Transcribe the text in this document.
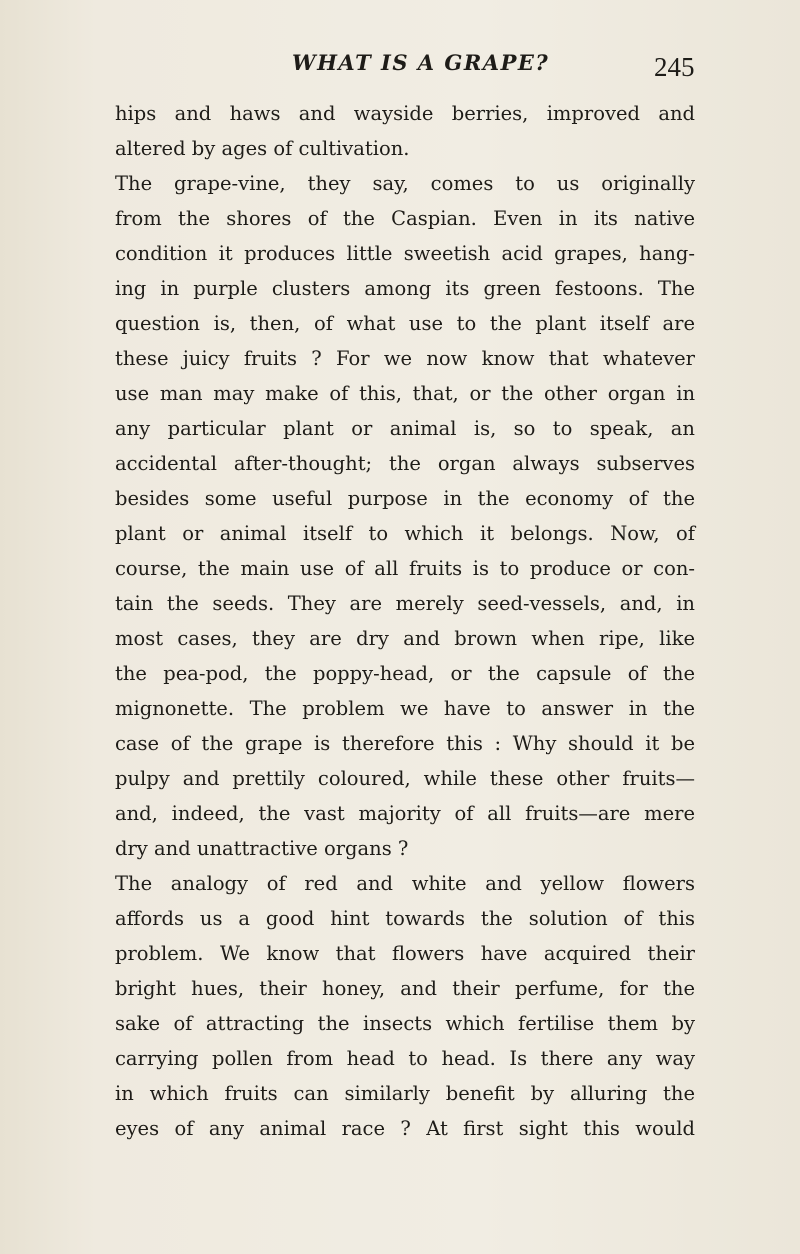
WHAT IS A GRAPE?	245
hips and haws and wayside berries, improved and
altered by ages of cultivation.
The grape-vine, they say, comes to us originally
from the shores of the Caspian. Even in its native
condition it produces little sweetish acid grapes, hang-
ing in purple clusters among its green festoons. The
question is, then, of what use to the plant itself are
these juicy fruits ? For we now know that whatever
use man may make of this, that, or the other organ in
any particular plant or animal is, so to speak, an
accidental after-thought; the organ always subserves
besides some useful purpose in the economy of the
plant or animal itself to which it belongs. Now, of
course, the main use of all fruits is to produce or con-
tain the seeds. They are merely seed-vessels, and, in
most cases, they are dry and brown when ripe, like
the pea-pod, the poppy-head, or the capsule of the
mignonette. The problem we have to answer in the
case of the grape is therefore this : Why should it be
pulpy and prettily coloured, while these other fruits—
and, indeed, the vast majority of all fruits—are mere
dry and unattractive organs ?
The analogy of red and white and yellow flowers
affords us a good hint towards the solution of this
problem. We know that flowers have acquired their
bright hues, their honey, and their perfume, for the
sake of attracting the insects which fertilise them by
carrying pollen from head to head. Is there any way
in which fruits can similarly benefit by alluring the
eyes of any animal race ? At first sight this would
